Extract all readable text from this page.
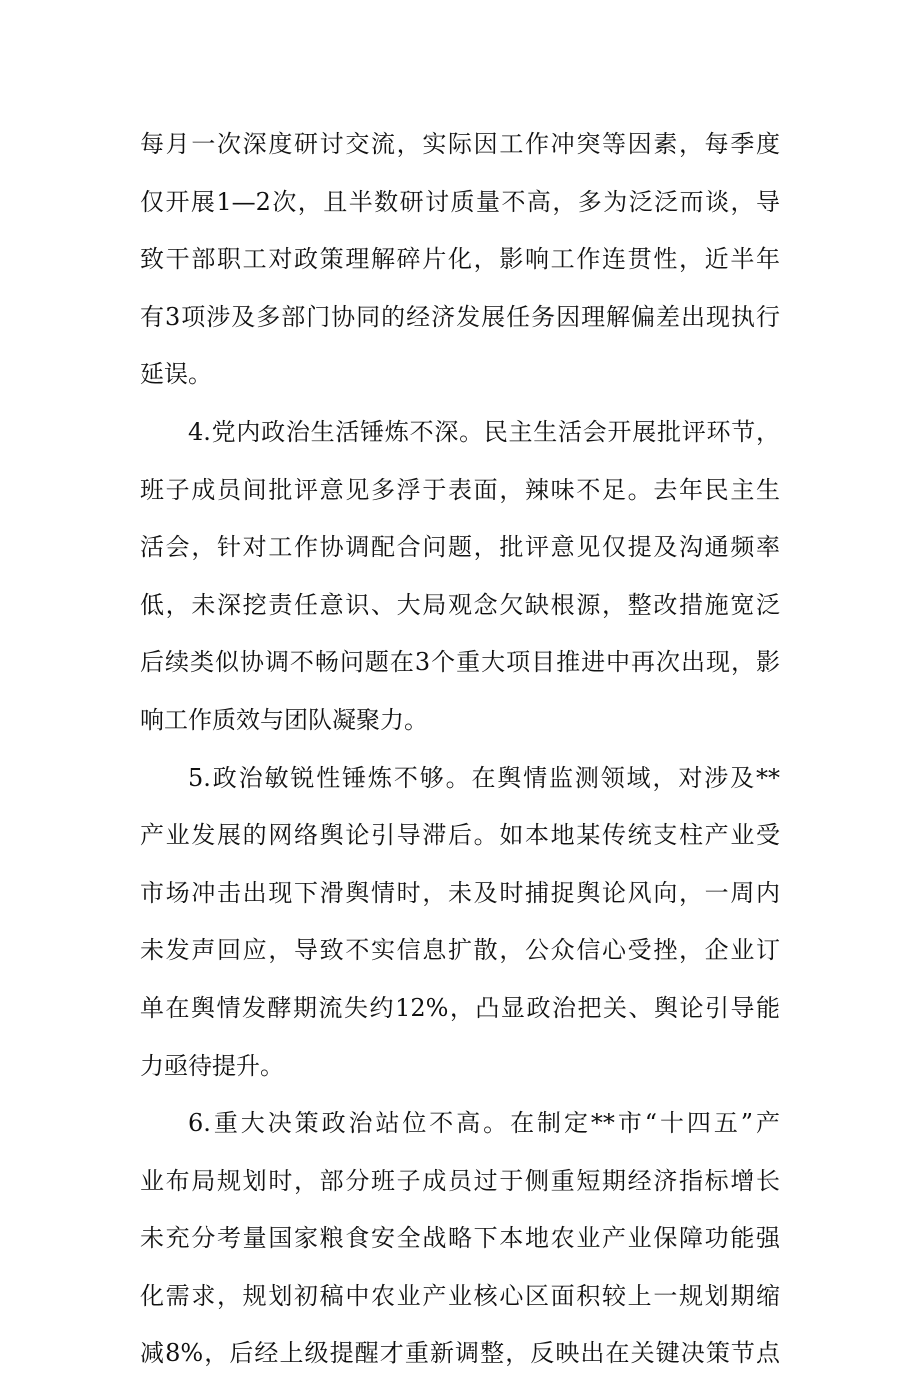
每月一次深度研讨交流，实际因工作冲突等因素，每季度
仅开展1—2次，且半数研讨质量不高，多为泛泛而谈，导
致干部职工对政策理解碎片化，影响工作连贯性，近半年
有3项涉及多部门协同的经济发展任务因理解偏差出现执行
延误。
4.党内政治生活锤炼不深。民主生活会开展批评环节，
班子成员间批评意见多浮于表面，辣味不足。去年民主生
活会，针对工作协调配合问题，批评意见仅提及沟通频率
低，未深挖责任意识、大局观念欠缺根源，整改措施宽泛
后续类似协调不畅问题在3个重大项目推进中再次出现，影
响工作质效与团队凝聚力。
5.政治敏锐性锤炼不够。在舆情监测领域，对涉及**
产业发展的网络舆论引导滞后。如本地某传统支柱产业受
市场冲击出现下滑舆情时，未及时捕捉舆论风向，一周内
未发声回应，导致不实信息扩散，公众信心受挫，企业订
单在舆情发酵期流失约12%，凸显政治把关、舆论引导能
力亟待提升。
6.重大决策政治站位不高。在制定**市“十四五”产
业布局规划时，部分班子成员过于侧重短期经济指标增长
未充分考量国家粮食安全战略下本地农业产业保障功能强
化需求，规划初稿中农业产业核心区面积较上一规划期缩
减8%，后经上级提醒才重新调整，反映出在关键决策节点
